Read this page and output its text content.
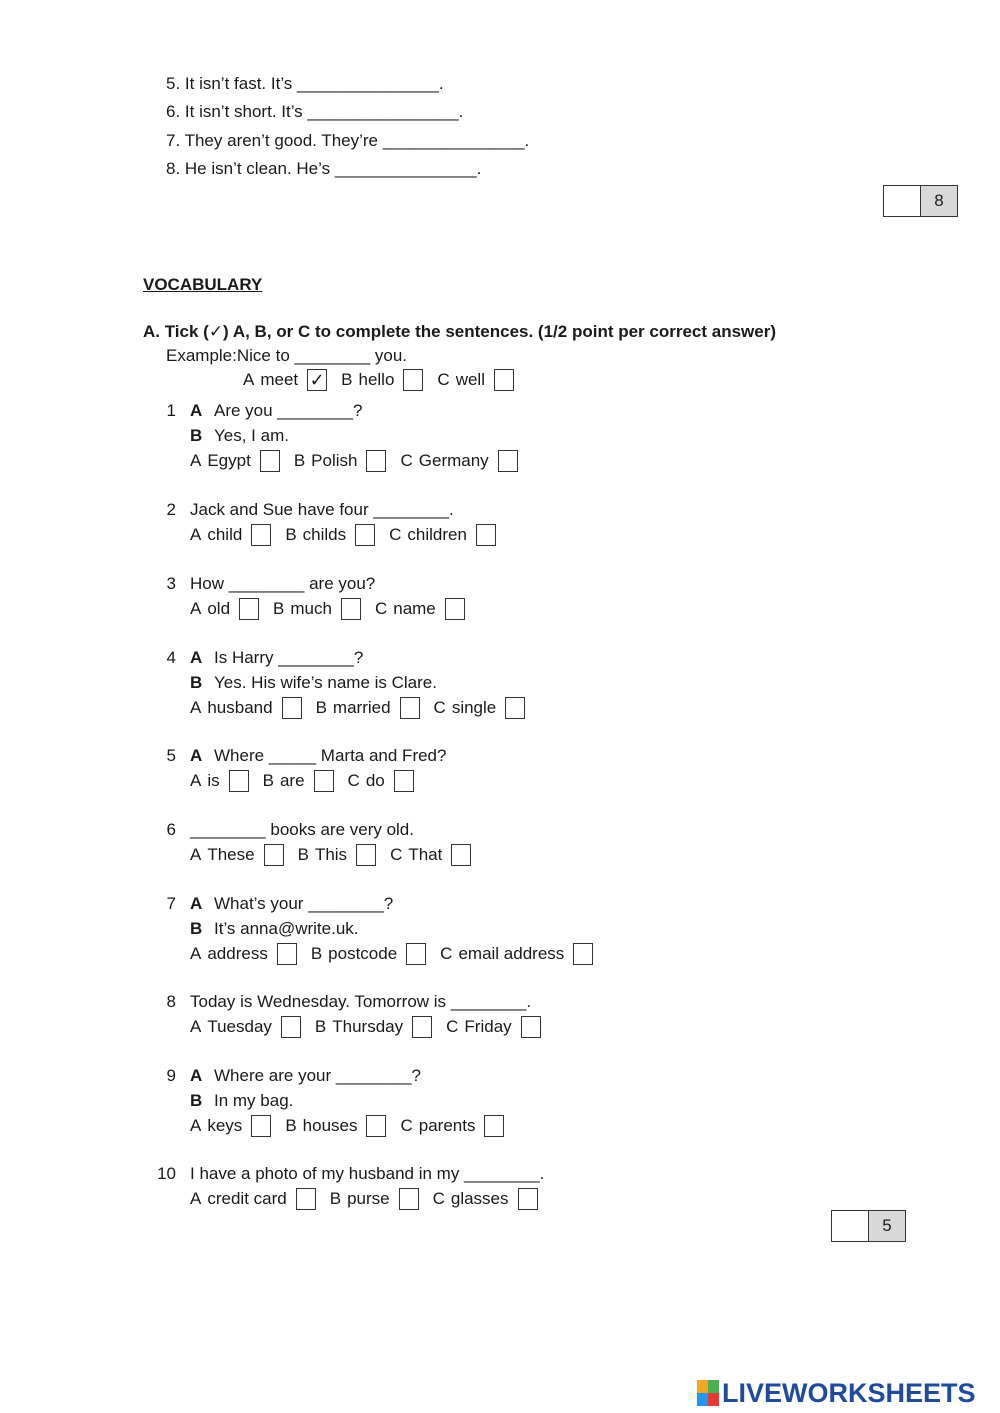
5. It isn’t fast. It’s _______________.
6. It isn’t short. It’s ________________.
7. They aren’t good. They’re _______________.
8. He isn’t clean. He’s _______________.
8
VOCABULARY
A. Tick (✓) A, B, or C to complete the sentences. (1/2 point per correct answer)
Example:Nice to ________ you.
A meet ✓ B hello	C well
1 A Are you ________?
B Yes, I am.
A Egypt	B Polish	C Germany
2 Jack and Sue have four ________.
A child	B childs	C children
3 How ________ are you?
A old	B much	C name
4 A Is Harry ________?
B Yes. His wife’s name is Clare.
A husband	B married	C single
5 A Where _____ Marta and Fred?
A is	B are	C do
6 ________ books are very old.
A These	B This	C That
7 A What’s your ________?
B It’s anna@write.uk.
A address	B postcode	C email address
8 Today is Wednesday. Tomorrow is ________.
A Tuesday	B Thursday	C Friday
9 A Where are your ________?
B In my bag.
A keys	B houses	C parents
10 I have a photo of my husband in my ________.
A credit card	B purse	C glasses
5
LIVEWORKSHEETS
